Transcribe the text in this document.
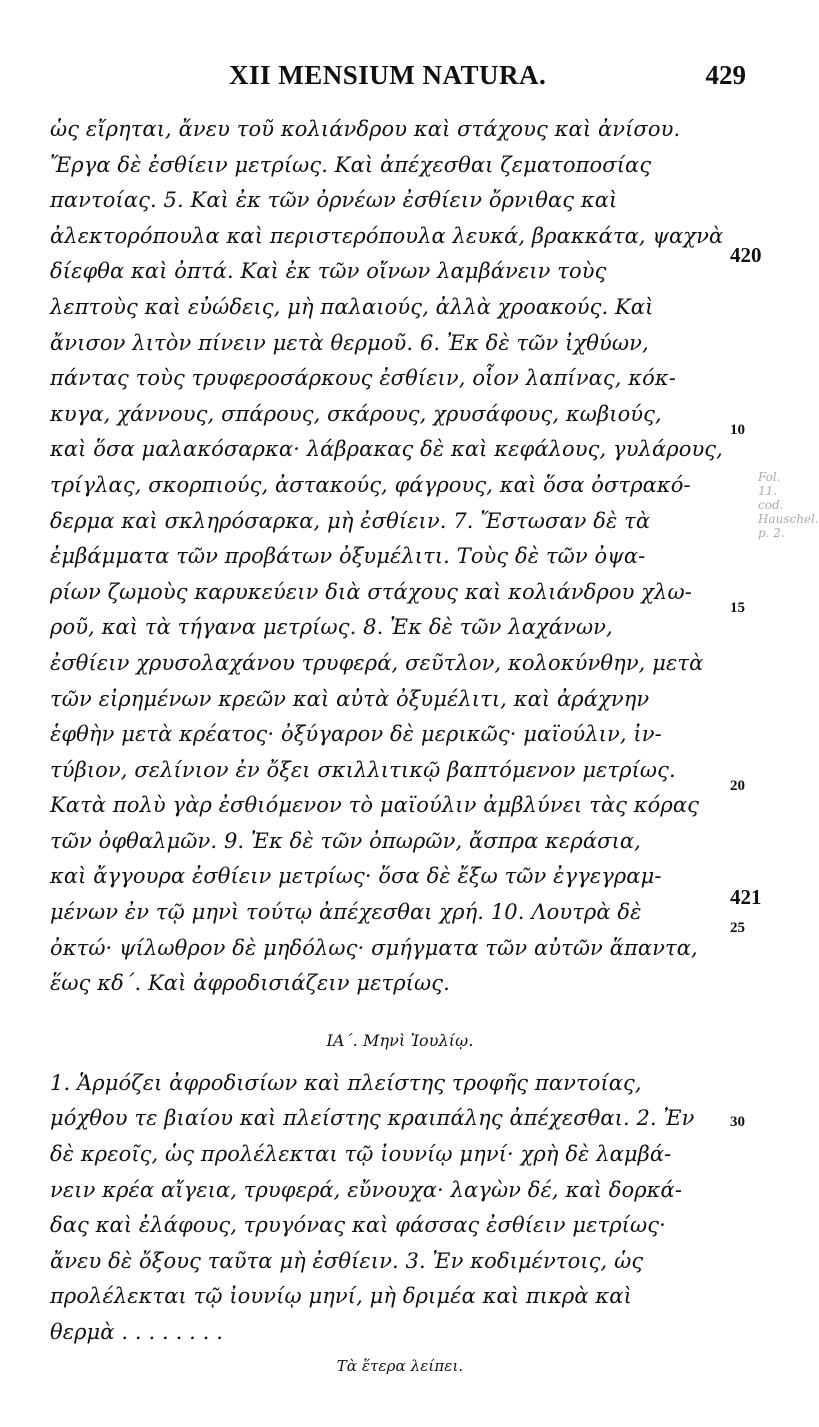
XII MENSIUM NATURA.	429
ὡς εἴρηται, ἄνευ τοῦ κολιάνδρου καὶ στάχους καὶ ἀνίσου.
Ἔργα δὲ ἐσθίειν μετρίως. Καὶ ἀπέχεσθαι ζεματοποσίας
παντοίας. 5. Καὶ ἐκ τῶν ὀρνέων ἐσθίειν ὄρνιθας καὶ
ἀλεκτορόπουλα καὶ περιστερόπουλα λευκά, βρακκάτα, ψαχνὰ
δίεφθα καὶ ὀπτά. Καὶ ἐκ τῶν οἴνων λαμβάνειν τοὺς
λεπτοὺς καὶ εὐώδεις, μὴ παλαιούς, ἀλλὰ χροακούς. Καὶ
ἄνισον λιτὸν πίνειν μετὰ θερμοῦ. 6. Ἐκ δὲ τῶν ἰχθύων,
πάντας τοὺς τρυφεροσάρκους ἐσθίειν, οἷον λαπίνας, κόκ-
κυγα, χάννους, σπάρους, σκάρους, χρυσάφους, κωβιούς,
καὶ ὅσα μαλακόσαρκα· λάβρακας δὲ καὶ κεφάλους, γυλάρους,
τρίγλας, σκορπιούς, ἀστακούς, φάγρους, καὶ ὅσα ὀστρακό-
δερμα καὶ σκληρόσαρκα, μὴ ἐσθίειν. 7. Ἔστωσαν δὲ τὰ
ἐμβάμματα τῶν προβάτων ὀξυμέλιτι. Τοὺς δὲ τῶν ὀψα-
ρίων ζωμοὺς καρυκεύειν διὰ στάχους καὶ κολιάνδρου χλω-
ροῦ, καὶ τὰ τήγανα μετρίως. 8. Ἐκ δὲ τῶν λαχάνων,
ἐσθίειν χρυσολαχάνου τρυφερά, σεῦτλον, κολοκύνθην, μετὰ
τῶν εἰρημένων κρεῶν καὶ αὐτὰ ὀξυμέλιτι, καὶ ἀράχνην
ἑφθὴν μετὰ κρέατος· ὀξύγαρον δὲ μερικῶς· μαϊούλιν, ἰν-
τύβιον, σελίνιον ἐν ὄξει σκιλλιτικῷ βαπτόμενον μετρίως.
Κατὰ πολὺ γὰρ ἐσθιόμενον τὸ μαϊούλιν ἀμβλύνει τὰς κόρας
τῶν ὀφθαλμῶν. 9. Ἐκ δὲ τῶν ὀπωρῶν, ἄσπρα κεράσια,
καὶ ἄγγουρα ἐσθίειν μετρίως· ὅσα δὲ ἔξω τῶν ἐγγεγραμ-
μένων ἐν τῷ μηνὶ τούτῳ ἀπέχεσθαι χρή. 10. Λουτρὰ δὲ
ὀκτώ· ψίλωθρον δὲ μηδόλως· σμήγματα τῶν αὐτῶν ἅπαντα,
ἕως κδ΄. Καὶ ἀφροδισιάζειν μετρίως.
ΙΑ΄. Μηνὶ Ἰουλίῳ.
1. Ἁρμόζει ἀφροδισίων καὶ πλείστης τροφῆς παντοίας,
μόχθου τε βιαίου καὶ πλείστης κραιπάλης ἀπέχεσθαι. 2. Ἐν
δὲ κρεοῖς, ὡς προλέλεκται τῷ ἰουνίῳ μηνί· χρὴ δὲ λαμβά-
νειν κρέα αἴγεια, τρυφερά, εὔνουχα· λαγὼν δέ, καὶ δορκά-
δας καὶ ἐλάφους, τρυγόνας καὶ φάσσας ἐσθίειν μετρίως·
ἄνευ δὲ ὄξους ταῦτα μὴ ἐσθίειν. 3. Ἐν κοδιμέντοις, ὡς
προλέλεκται τῷ ἰουνίῳ μηνί, μὴ δριμέα καὶ πικρὰ καὶ
θερμὰ . . . . . . . .
Τὰ ἕτερα λείπει.
420
10
15
20
421
25
30
Fol. 11. cod. Hauschel. p. 2.
